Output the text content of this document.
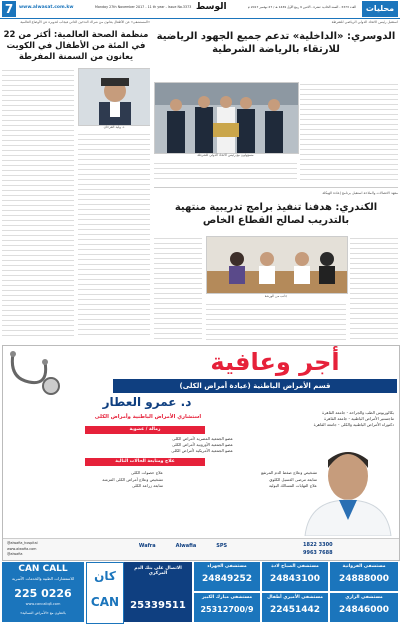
7	www.alwasat.com.kw	Monday 27th November 2017 - 11 th year - Issue No.3373 الوسط	العدد 3373 - السنة الحادية عشرة - الاثنين 9 ربيع الأول 1439 هـ / 27 نوفمبر 2017 م	محليات
«المستشفى» عن الأطفال يعانون من شراك التدخين الذاتي فيجاب لتدويره عن الأوضاع العالمية
منظمة الصحة العالمية: أكثر من 22 في المئة من الأطفال في الكويت يعانون من السمنة المفرطة
د. وليد الفرحان
استقبل رئيس الاتحاد الدولي الرياضي للشرطة
الدوسري: «الداخلية» تدعم جميع الجهود الرياضية للارتقاء بالرياضة الشرطية
مسؤولون مع رئيس الاتحاد الدولي للشرطة
معهد الاتصالات والملاحة استقبل برنامج إعادة الهيكلة
الكندري: هدفنا تنفيذ برامج تدريبية منتهية بالتدريب لصالح القطاع الخاص
جانب من الورشة
أجر وعافية
قسم الأمراض الباطنية (عيادة أمراض الكلى)
د. عمرو العطار
استشاري الأمراض الباطنية وأمراض الكلى
بكالوريوس الطب والجراحة - جامعة القاهرة
ماجستير الأمراض الباطنية - جامعة القاهرة
دكتوراه الأمراض الباطنية والكلى - جامعة القاهرة
زمالة / عضوية
عضو الجمعية المصرية لأمراض الكلى
عضو الجمعية الأوروبية لأمراض الكلى
عضو الجمعية الأمريكية لأمراض الكلى
علاج ومتابعة الحالات التالية
تشخيص وعلاج ضغط الدم المرتفع
متابعة مرضى الغسيل الكلوي
علاج التهابات المسالك البولية
علاج حصوات الكلى
تشخيص وعلاج أمراض الكلى المزمنة
متابعة زراعة الكلى
@alwafia_hospital
www.alwafia.com
@alwafia
Wafra	Alwafia	SPS	1822 3300
9963 7688
CAN CALL
للاستشارات الطبية والخدمات الأسرية
225 0226
www.cancallq8.com
بالتعاون مع «الأمراض النسائية»
كان
CAN
الاتصال على بنك الدم المركزي
25339511
مستشفى الجهراء
24849252
مستشفى الصباح لادة
24843100
مستشفى الفروانية
24888000
مستشفى مبارك الكبير
25312700/9
مستشفى الأميري أطفال
22451442
مستشفى الرازي
24846000
